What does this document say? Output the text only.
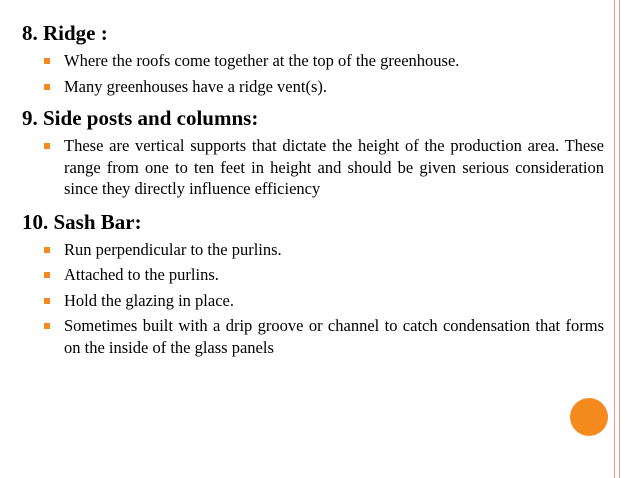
8. Ridge :
Where the roofs come together at the top of the greenhouse.
Many greenhouses have a ridge vent(s).
9. Side posts and columns:
These are vertical supports that dictate the height of the production area. These range from one to ten feet in height and should be given serious consideration since they directly influence efficiency
10. Sash Bar:
Run perpendicular to the purlins.
Attached to the purlins.
Hold the glazing in place.
Sometimes built with a drip groove or channel to catch condensation that forms on the inside of the glass panels
